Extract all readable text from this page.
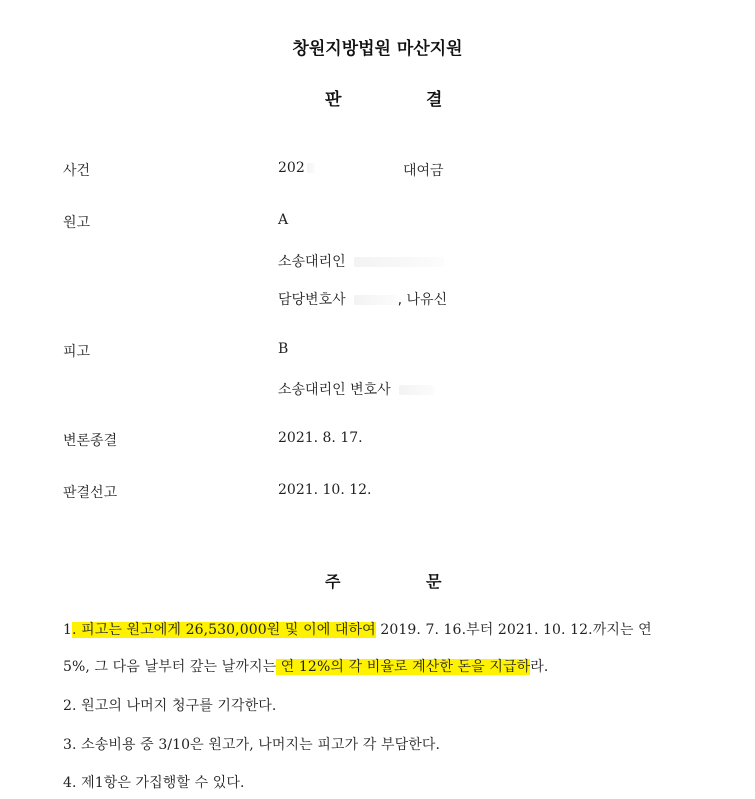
창원지방법원 마산지원
판	결
사건	202	대여금
원고	A
소송대리인
담당변호사	, 나유신
피고	B
소송대리인 변호사
변론종결	2021. 8. 17.
판결선고	2021. 10. 12.
주	문
1. 피고는 원고에게 26,530,000원 및 이에 대하여 2019. 7. 16.부터 2021. 10. 12.까지는 연
5%, 그 다음 날부터 갚는 날까지는 연 12%의 각 비율로 계산한 돈을 지급하라.
2. 원고의 나머지 청구를 기각한다.
3. 소송비용 중 3/10은 원고가, 나머지는 피고가 각 부담한다.
4. 제1항은 가집행할 수 있다.
